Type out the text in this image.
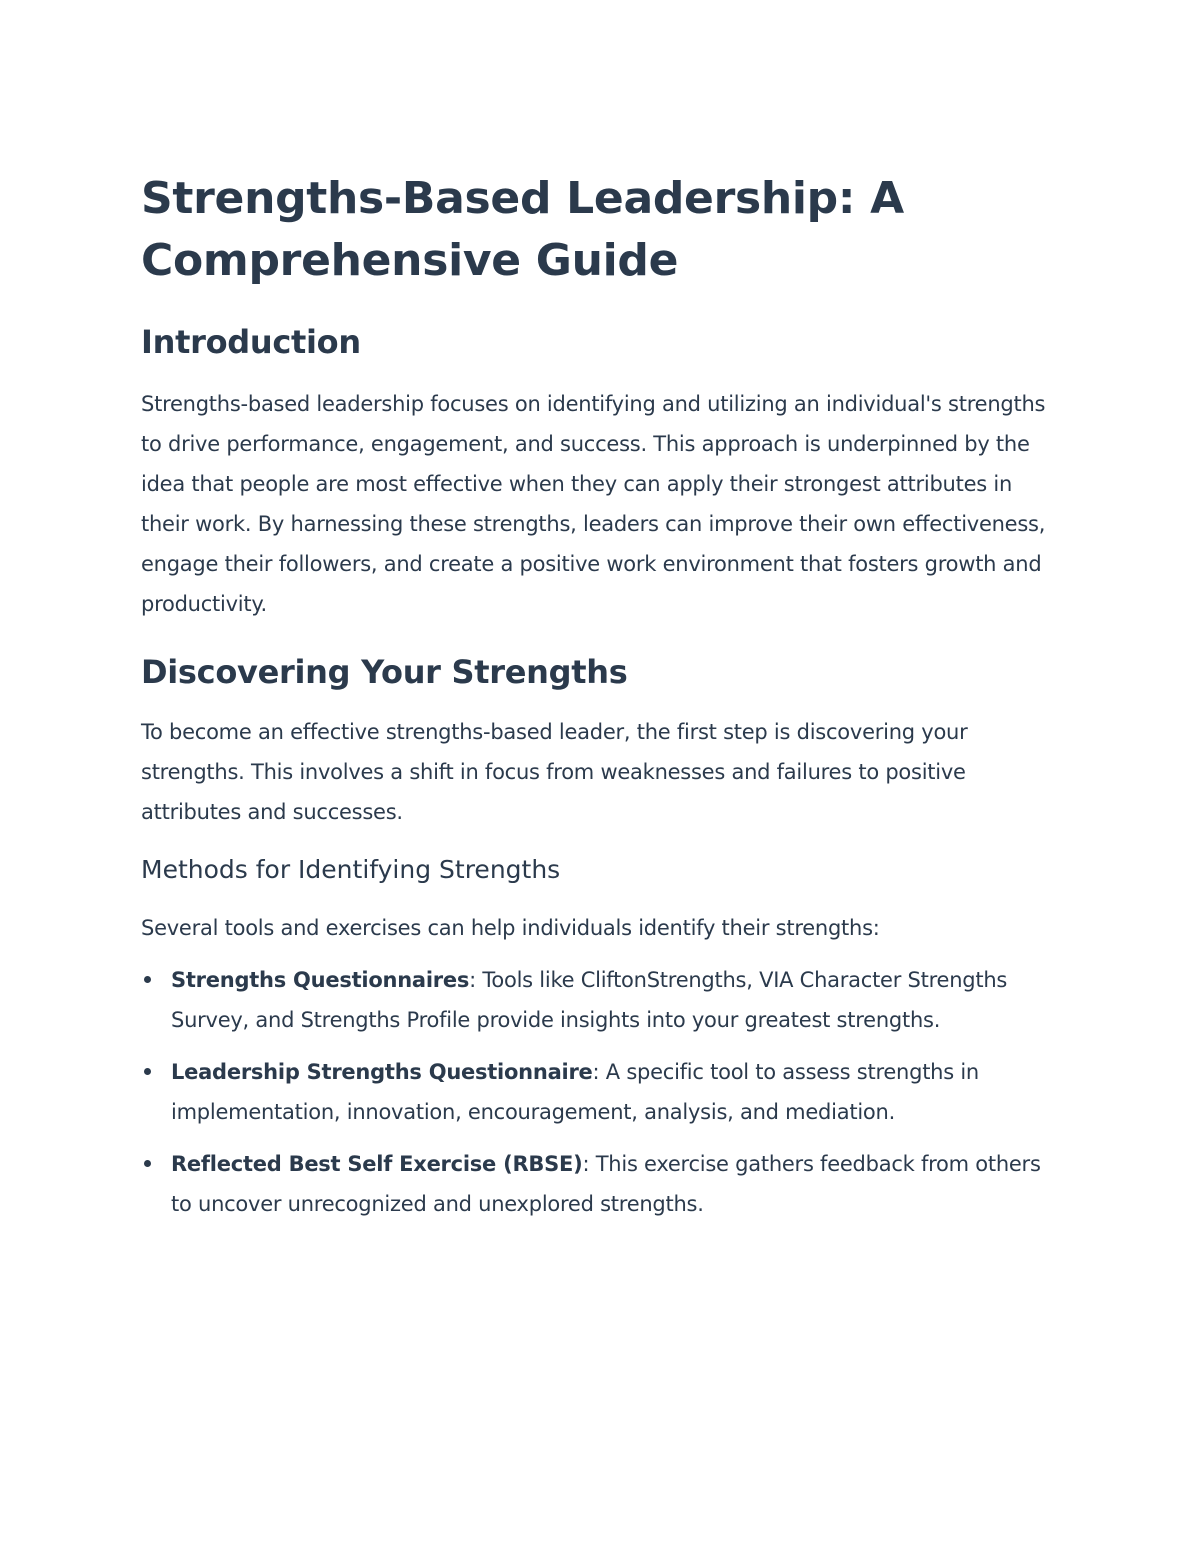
Strengths-Based Leadership: A Comprehensive Guide
Introduction

Strengths-based leadership focuses on identifying and utilizing an individual's strengths to drive performance, engagement, and success. This approach is underpinned by the idea that people are most effective when they can apply their strongest attributes in their work. By harnessing these strengths, leaders can improve their own effectiveness, engage their followers, and create a positive work environment that fosters growth and productivity.

Discovering Your Strengths

To become an effective strengths-based leader, the first step is discovering your strengths. This involves a shift in focus from weaknesses and failures to positive attributes and successes.

Methods for Identifying Strengths

Several tools and exercises can help individuals identify their strengths:

Strengths Questionnaires: Tools like CliftonStrengths, VIA Character Strengths Survey, and Strengths Profile provide insights into your greatest strengths.
Leadership Strengths Questionnaire: A specific tool to assess strengths in implementation, innovation, encouragement, analysis, and mediation.
Reflected Best Self Exercise (RBSE): This exercise gathers feedback from others to uncover unrecognized and unexplored strengths.
